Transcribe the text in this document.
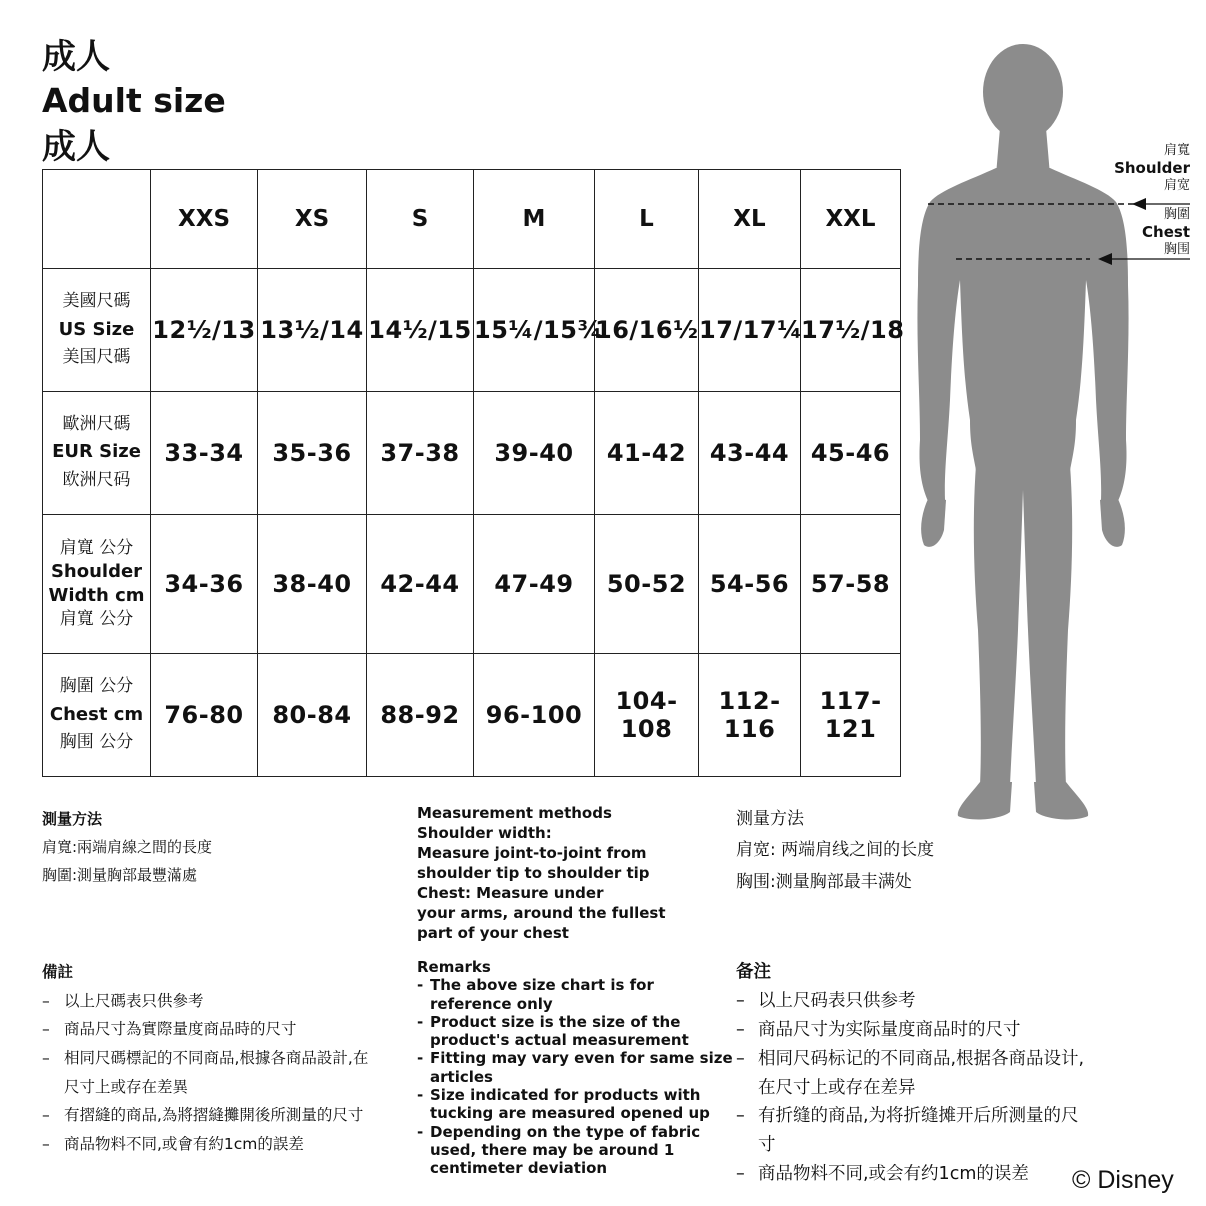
成人
Adult size
成人
	XXS	XS	S	M	L	XL	XXL

美國尺碼
US Size
美国尺碼	12½/13	13½/14	14½/15	15¼/15¾	16/16½	17/17¼	17½/18

歐洲尺碼
EUR Size
欧洲尺码	33-34	35-36	37-38	39-40	41-42	43-44	45-46

肩寬 公分
Shoulder Width cm
肩寬 公分	34-36	38-40	42-44	47-49	50-52	54-56	57-58

胸圍 公分
Chest cm
胸围 公分	76-80	80-84	88-92	96-100	104-108	112-116	117-121
肩寬
Shoulder
肩宽
胸圍
Chest
胸围
測量方法
肩寬:兩端肩線之間的長度
胸圍:測量胸部最豐滿處
Measurement methods
Shoulder width:
Measure joint-to-joint from
shoulder tip to shoulder tip
Chest: Measure under
your arms, around the fullest
part of your chest
测量方法
肩宽: 两端肩线之间的长度
胸围:测量胸部最丰满处
備註
– 以上尺碼表只供參考
– 商品尺寸為實際量度商品時的尺寸
– 相同尺碼標記的不同商品,根據各商品設計,在尺寸上或存在差異
– 有摺縫的商品,為將摺縫攤開後所測量的尺寸
– 商品物料不同,或會有約1cm的誤差
Remarks
- The above size chart is for reference only
- Product size is the size of the product's actual measurement
- Fitting may vary even for same size articles
- Size indicated for products with tucking are measured opened up
- Depending on the type of fabric used, there may be around 1 centimeter deviation
备注
– 以上尺码表只供参考
– 商品尺寸为实际量度商品时的尺寸
– 相同尺码标记的不同商品,根据各商品设计,在尺寸上或存在差异
– 有折缝的商品,为将折缝摊开后所测量的尺寸
– 商品物料不同,或会有约1cm的误差	© Disney
